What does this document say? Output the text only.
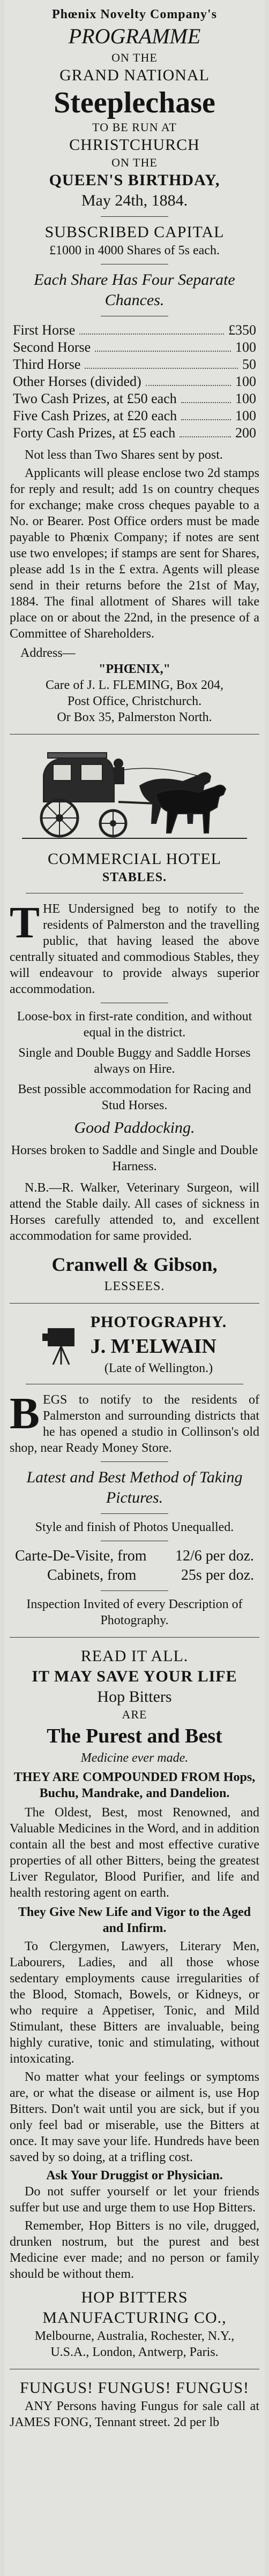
Phœnix Novelty Company's

PROGRAMME

ON THE

GRAND NATIONAL

Steeplechase

TO BE RUN AT

CHRISTCHURCH

ON THE

QUEEN'S BIRTHDAY,

May 24th, 1884.

SUBSCRIBED CAPITAL

£1000 in 4000 Shares of 5s each.

Each Share Has Four Separate Chances.

First Horse	£350
Second Horse	100
Third Horse	50
Other Horses (divided)	100
Two Cash Prizes, at £50 each	100
Five Cash Prizes, at £20 each	100
Forty Cash Prizes, at £5 each	200

Not less than Two Shares sent by post.

Applicants will please enclose two 2d stamps for reply and result; add 1s on country cheques for exchange; make cross cheques payable to a No. or Bearer. Post Office orders must be made payable to Phœnix Company; if notes are sent use two envelopes; if stamps are sent for Shares, please add 1s in the £ extra. Agents will please send in their returns before the 21st of May, 1884. The final allotment of Shares will take place on or about the 22nd, in the presence of a Committee of Shareholders.

Address—

"PHŒNIX,"

Care of J. L. FLEMING, Box 204,

Post Office, Christchurch.

Or Box 35, Palmerston North.

COMMERCIAL HOTEL

STABLES.

THE Undersigned beg to notify to the residents of Palmerston and the travelling public, that having leased the above centrally situated and commodious Stables, they will endeavour to provide always superior accommodation.

Loose-box in first-rate condition, and without equal in the district.

Single and Double Buggy and Saddle Horses always on Hire.

Best possible accommodation for Racing and Stud Horses.

Good Paddocking.

Horses broken to Saddle and Single and Double Harness.

N.B.—R. Walker, Veterinary Surgeon, will attend the Stable daily. All cases of sickness in Horses carefully attended to, and excellent accommodation for same provided.

Cranwell & Gibson,

LESSEES.

PHOTOGRAPHY.

J. M'ELWAIN

(Late of Wellington.)

BEGS to notify to the residents of Palmerston and surrounding districts that he has opened a studio in Collinson's old shop, near Ready Money Store.

Latest and Best Method of Taking Pictures.

Style and finish of Photos Unequalled.

Carte-De-Visite, from 12/6 per doz.
Cabinets, from	25s per doz.

Inspection Invited of every Description of Photography.

READ IT ALL.

IT MAY SAVE YOUR LIFE

Hop Bitters

ARE

The Purest and Best

Medicine ever made.

THEY ARE COMPOUNDED FROM Hops, Buchu, Mandrake, and Dandelion.

The Oldest, Best, most Renowned, and Valuable Medicines in the Word, and in addition contain all the best and most effective curative properties of all other Bitters, being the greatest Liver Regulator, Blood Purifier, and life and health restoring agent on earth.

They Give New Life and Vigor to the Aged and Infirm.

To Clergymen, Lawyers, Literary Men, Labourers, Ladies, and all those whose sedentary employments cause irregularities of the Blood, Stomach, Bowels, or Kidneys, or who require a Appetiser, Tonic, and Mild Stimulant, these Bitters are invaluable, being highly curative, tonic and stimulating, without intoxicating.

No matter what your feelings or symptoms are, or what the disease or ailment is, use Hop Bitters. Don't wait until you are sick, but if you only feel bad or miserable, use the Bitters at once. It may save your life. Hundreds have been saved by so doing, at a trifling cost.

Ask Your Druggist or Physician.

Do not suffer yourself or let your friends suffer but use and urge them to use Hop Bitters.

Remember, Hop Bitters is no vile, drugged, drunken nostrum, but the purest and best Medicine ever made; and no person or family should be without them.

HOP BITTERS MANUFACTURING CO.,

Melbourne, Australia, Rochester, N.Y., U.S.A., London, Antwerp, Paris.

FUNGUS! FUNGUS! FUNGUS!

ANY Persons having Fungus for sale call at JAMES FONG, Tennant street. 2d per lb
